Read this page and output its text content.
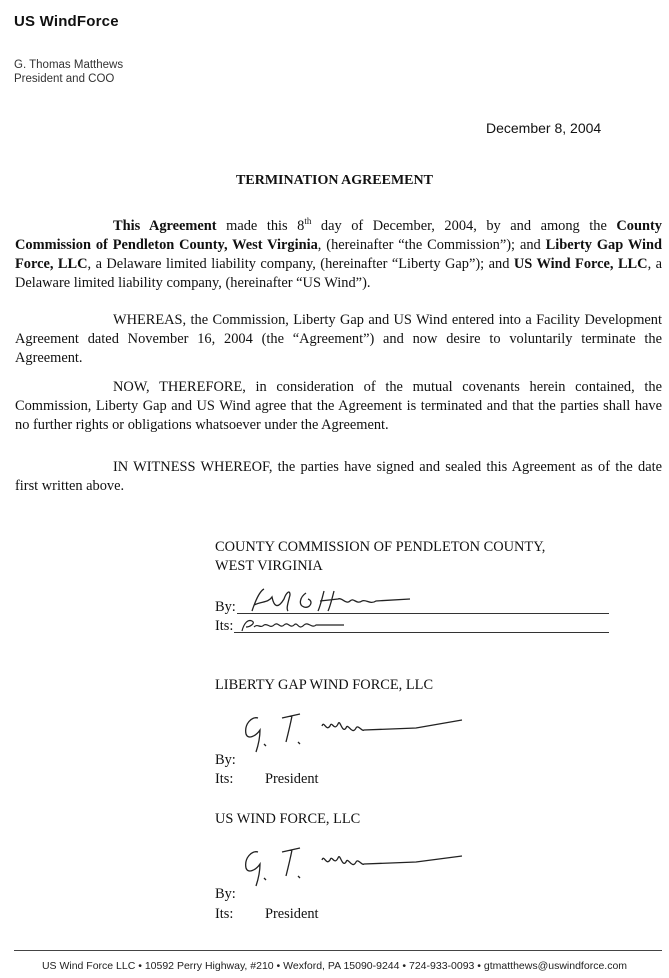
US WindForce
G. Thomas Matthews
President and COO
December 8, 2004
TERMINATION AGREEMENT
This Agreement made this 8th day of December, 2004, by and among the County Commission of Pendleton County, West Virginia, (hereinafter “the Commission”); and Liberty Gap Wind Force, LLC, a Delaware limited liability company, (hereinafter “Liberty Gap”); and US Wind Force, LLC, a Delaware limited liability company, (hereinafter “US Wind”).
WHEREAS, the Commission, Liberty Gap and US Wind entered into a Facility Development Agreement dated November 16, 2004 (the “Agreement”) and now desire to voluntarily terminate the Agreement.
NOW, THEREFORE, in consideration of the mutual covenants herein contained, the Commission, Liberty Gap and US Wind agree that the Agreement is terminated and that the parties shall have no further rights or obligations whatsoever under the Agreement.
IN WITNESS WHEREOF, the parties have signed and sealed this Agreement as of the date first written above.
COUNTY COMMISSION OF PENDLETON COUNTY,
WEST VIRGINIA
By:
Its:
LIBERTY GAP WIND FORCE, LLC
By:
Its: President
US WIND FORCE, LLC
By:
Its: President
US Wind Force LLC • 10592 Perry Highway, #210 • Wexford, PA 15090-9244 • 724-933-0093 • gtmatthews@uswindforce.com
